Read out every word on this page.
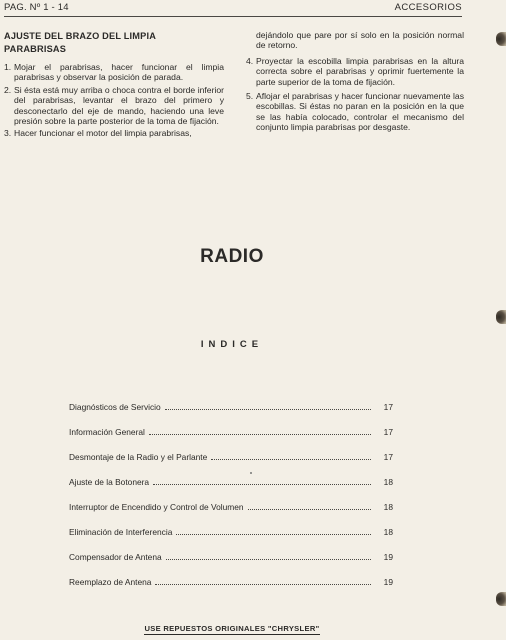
PAG. Nº 1 - 14	ACCESORIOS
AJUSTE DEL BRAZO DEL LIMPIA
PARABRISAS
1. Mojar el parabrisas, hacer funcionar el limpia parabrisas y observar la posición de parada.
2. Si ésta está muy arriba o choca contra el borde inferior del parabrisas, levantar el brazo del primero y desconectarlo del eje de mando, haciendo una leve presión sobre la parte posterior de la toma de fijación.
3. Hacer funcionar el motor del limpia parabrisas,
dejándolo que pare por sí solo en la posición normal de retorno.
4. Proyectar la escobilla limpia parabrisas en la altura correcta sobre el parabrisas y oprimir fuertemente la parte superior de la toma de fijación.
5. Aflojar el parabrisas y hacer funcionar nuevamente las escobillas. Si éstas no paran en la posición en la que se las había colocado, controlar el mecanismo del conjunto limpia parabrisas por desgaste.
RADIO
INDICE
Diagnósticos de Servicio	17
Información General	17
Desmontaje de la Radio y el Parlante	17
Ajuste de la Botonera	18
Interruptor de Encendido y Control de Volumen	18
Eliminación de Interferencia	18
Compensador de Antena	19
Reemplazo de Antena	19
USE REPUESTOS ORIGINALES "CHRYSLER"
